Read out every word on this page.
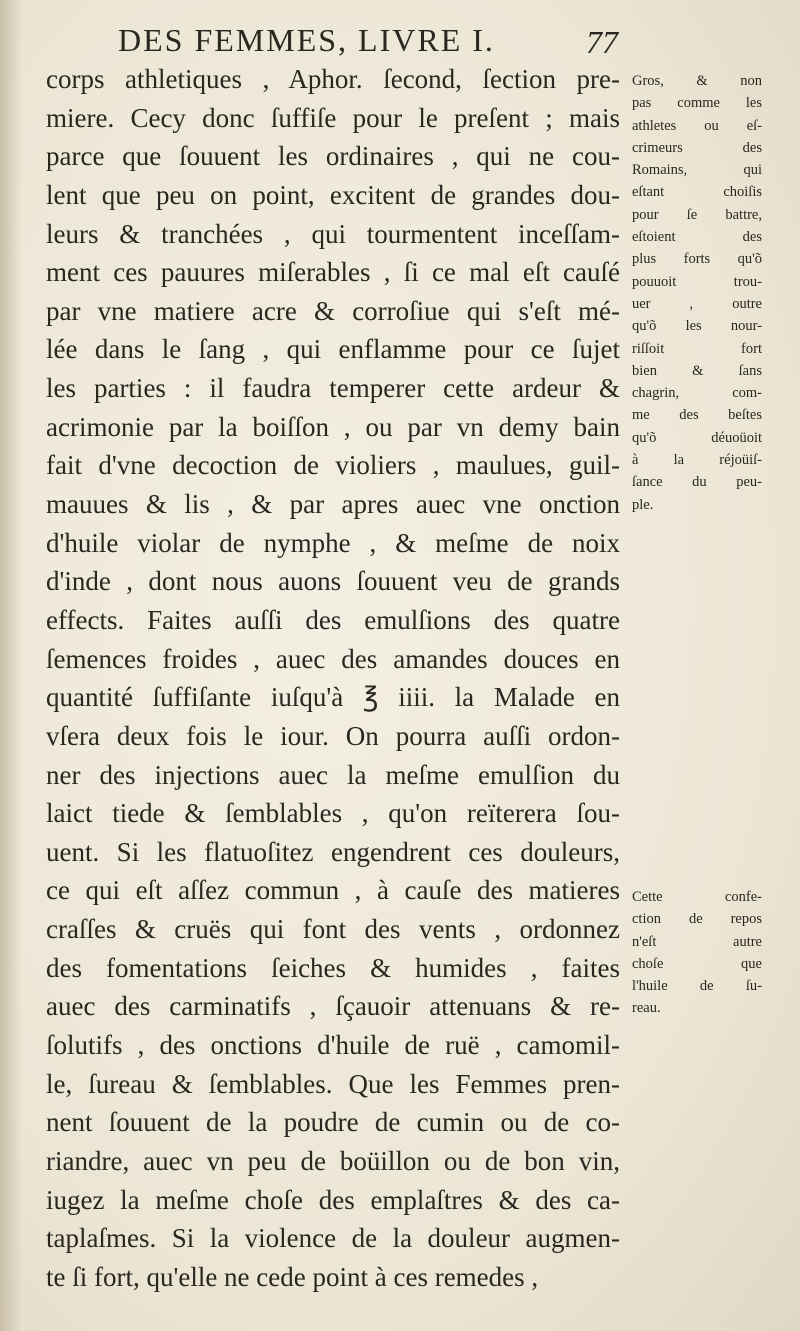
DES FEMMES, LIVRE I.	77
corps athletiques , Aphor. ſecond, ſection pre-
miere. Cecy donc ſuffiſe pour le preſent ; mais
parce que ſouuent les ordinaires , qui ne cou-
lent que peu on point, excitent de grandes dou-
leurs & tranchées , qui tourmentent inceſſam-
ment ces pauures miſerables , ſi ce mal eſt cauſé
par vne matiere acre & corroſiue qui s'eſt mé-
lée dans le ſang , qui enflamme pour ce ſujet
les parties : il faudra temperer cette ardeur &
acrimonie par la boiſſon , ou par vn demy bain
fait d'vne decoction de violiers , maulues, guil-
mauues & lis , & par apres auec vne onction
d'huile violar de nymphe , & meſme de noix
d'inde , dont nous auons ſouuent veu de grands
effects. Faites auſſi des emulſions des quatre
ſemences froides , auec des amandes douces en
quantité ſuffiſante iuſqu'à ℥ iiii. la Malade en
vſera deux fois le iour. On pourra auſſi ordon-
ner des injections auec la meſme emulſion du
laict tiede & ſemblables , qu'on reïterera ſou-
uent. Si les flatuoſitez engendrent ces douleurs,
ce qui eſt aſſez commun , à cauſe des matieres
craſſes & cruës qui font des vents , ordonnez
des fomentations ſeiches & humides , faites
auec des carminatifs , ſçauoir attenuans & re-
ſolutifs , des onctions d'huile de ruë , camomil-
le, ſureau & ſemblables. Que les Femmes pren-
nent ſouuent de la poudre de cumin ou de co-
riandre, auec vn peu de boüillon ou de bon vin,
iugez la meſme choſe des emplaſtres & des ca-
taplaſmes. Si la violence de la douleur augmen-
te ſi fort, qu'elle ne cede point à ces remedes ,
Gros, & non
pas comme les
athletes ou eſ-
crimeurs des
Romains, qui
eſtant choiſis
pour ſe battre,
eſtoient des
plus forts qu'õ
pouuoit trou-
uer , outre
qu'õ les nour-
riſſoit fort
bien & ſans
chagrin, com-
me des beſtes
qu'õ déuoüoit
à la réjoüiſ-
ſance du peu-
ple.
Cette confe-
ction de repos
n'eſt autre
choſe que
l'huile de ſu-
reau.
